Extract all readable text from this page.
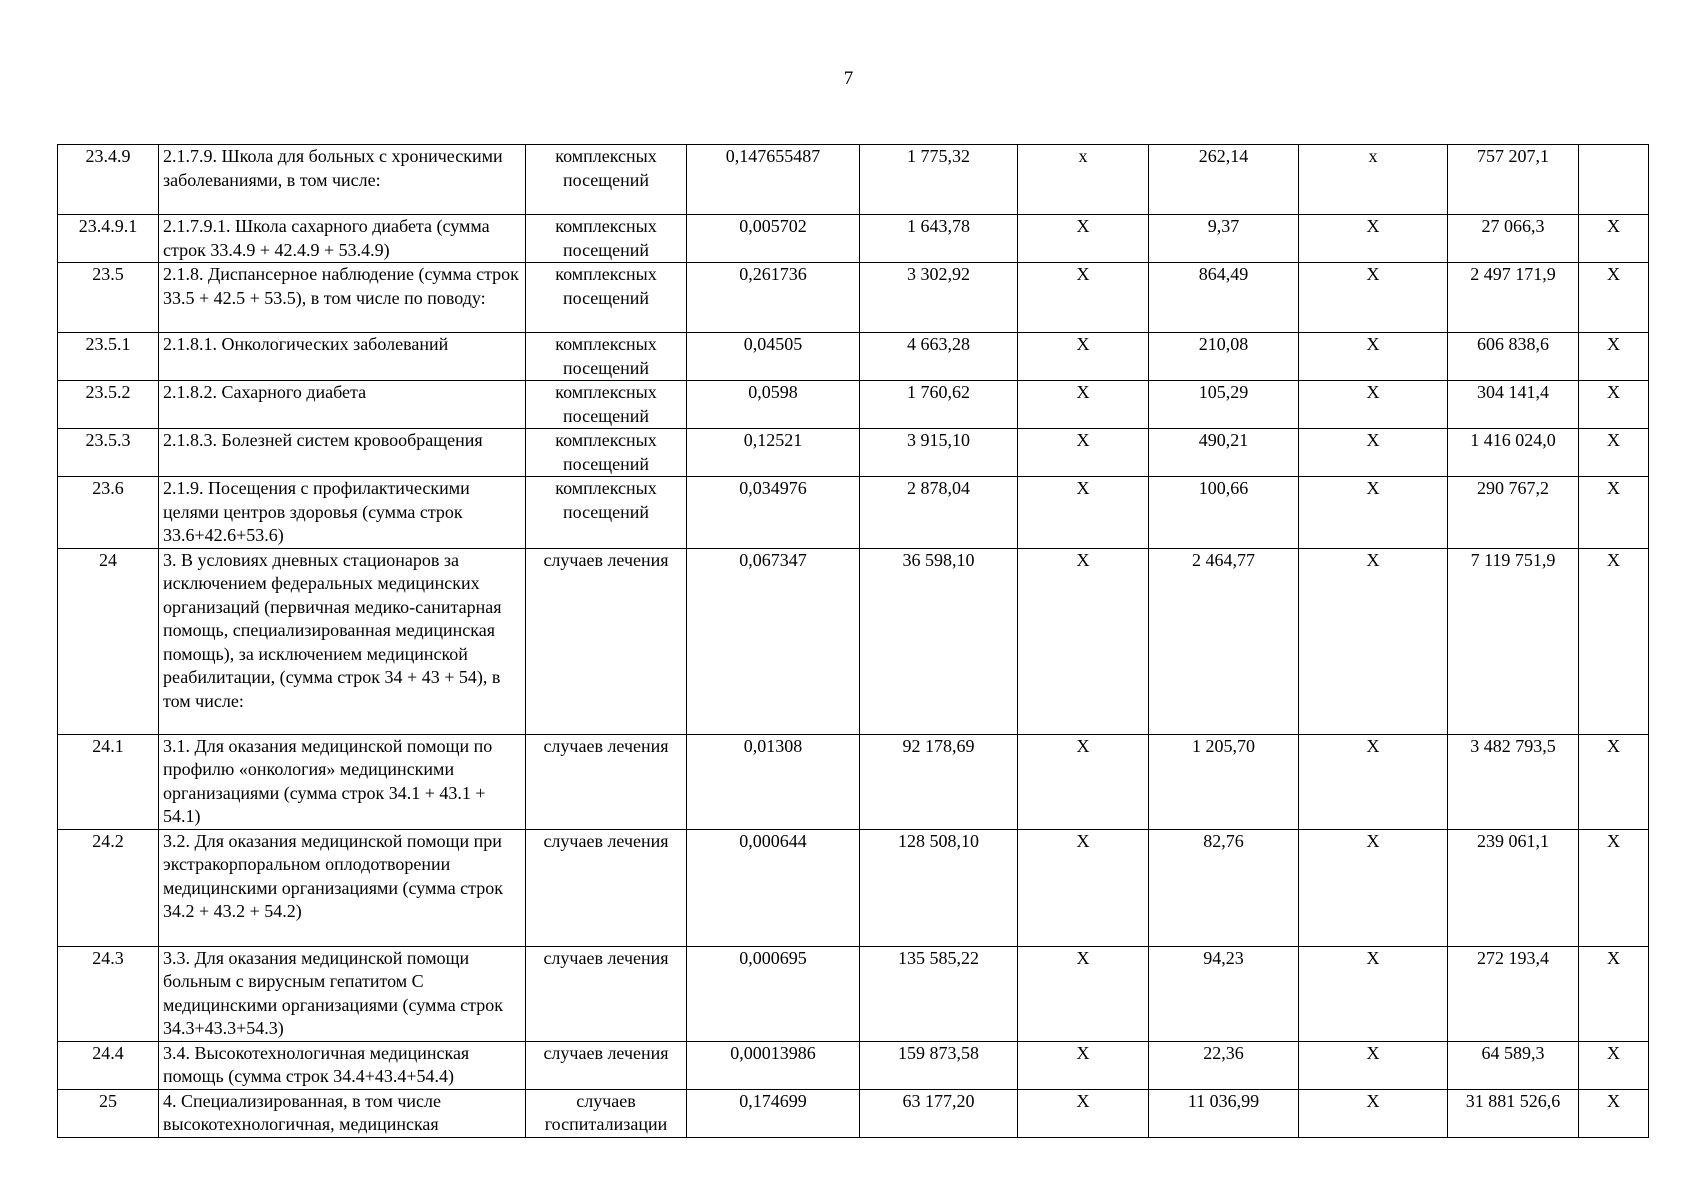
7
23.4.9	2.1.7.9. Школа для больных с хроническими заболеваниями, в том числе:	комплексных посещений	0,147655487	1 775,32	x	262,14	x	757 207,1	
23.4.9.1	2.1.7.9.1. Школа сахарного диабета (сумма строк 33.4.9 + 42.4.9 + 53.4.9)	комплексных посещений	0,005702	1 643,78	Х	9,37	Х	27 066,3	Х
23.5	2.1.8. Диспансерное наблюдение (сумма строк 33.5 + 42.5 + 53.5), в том числе по поводу:	комплексных посещений	0,261736	3 302,92	Х	864,49	Х	2 497 171,9	Х
23.5.1	2.1.8.1. Онкологических заболеваний	комплексных посещений	0,04505	4 663,28	Х	210,08	Х	606 838,6	Х
23.5.2	2.1.8.2. Сахарного диабета	комплексных посещений	0,0598	1 760,62	Х	105,29	Х	304 141,4	Х
23.5.3	2.1.8.3. Болезней систем кровообращения	комплексных посещений	0,12521	3 915,10	Х	490,21	Х	1 416 024,0	Х
23.6	2.1.9. Посещения с профилактическими целями центров здоровья (сумма строк 33.6+42.6+53.6)	комплексных посещений	0,034976	2 878,04	Х	100,66	Х	290 767,2	Х
24	3. В условиях дневных стационаров за исключением федеральных медицинских организаций (первичная медико-санитарная помощь, специализированная медицинская помощь), за исключением медицинской реабилитации, (сумма строк 34 + 43 + 54), в том числе:	случаев лечения	0,067347	36 598,10	Х	2 464,77	Х	7 119 751,9	Х
24.1	3.1. Для оказания медицинской помощи по профилю «онкология» медицинскими организациями (сумма строк 34.1 + 43.1 + 54.1)	случаев лечения	0,01308	92 178,69	Х	1 205,70	Х	3 482 793,5	Х
24.2	3.2. Для оказания медицинской помощи при экстракорпоральном оплодотворении медицинскими организациями (сумма строк 34.2 + 43.2 + 54.2)	случаев лечения	0,000644	128 508,10	Х	82,76	Х	239 061,1	Х
24.3	3.3. Для оказания медицинской помощи больным с вирусным гепатитом С медицинскими организациями (сумма строк 34.3+43.3+54.3)	случаев лечения	0,000695	135 585,22	Х	94,23	Х	272 193,4	Х
24.4	3.4. Высокотехнологичная медицинская помощь (сумма строк 34.4+43.4+54.4)	случаев лечения	0,00013986	159 873,58	Х	22,36	Х	64 589,3	Х
25	4. Специализированная, в том числе высокотехнологичная, медицинская	случаев госпитализации	0,174699	63 177,20	Х	11 036,99	Х	31 881 526,6	Х
